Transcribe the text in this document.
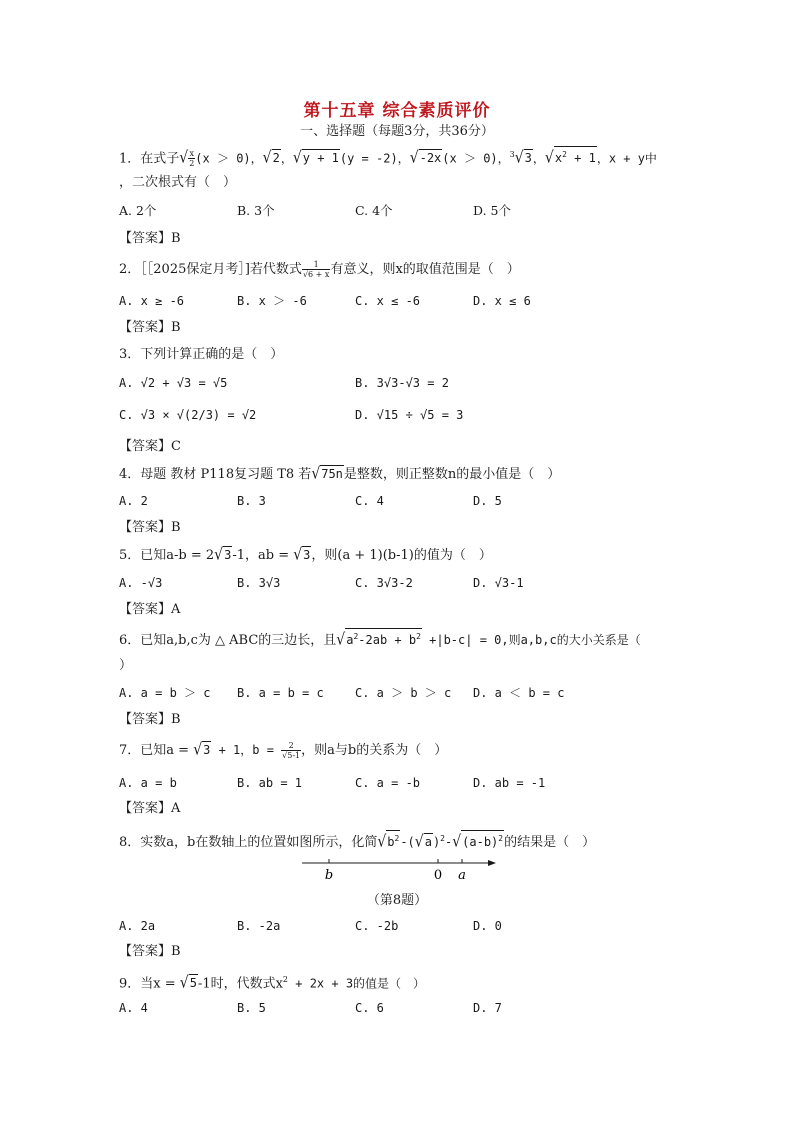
第十五章 综合素质评价
一、选择题（每题3分，共36分）
1．在式子√ $\frac{x}{2} (x > 0)$，√2，√y + 1(y = -2)，√-2x(x ＞ 0)，$^3$√3，$√x^2 + 1$，x + y中
，二次根式有（　）
A. 2个	B. 3个	C. 4个	D. 5个
【答案】B
2．［［2025保定月考］]若代数式 $\frac{1}{√6 + x}$ 有意义，则x的取值范围是（　）
A. x ≥ -6	B. x ＞ -6	C. x ≤ -6	D. x ≤ 6
【答案】B
3．下列计算正确的是（　）
A. √2 + √3 = √5	B. 3√3-√3 = 2
C. √3 × √(2/3) = √2	D. √15 ÷ √5 = 3
【答案】C
4．母题 教材 P118复习题 T8 若√75n是整数，则正整数n的最小值是（　）
A. 2	B. 3	C. 4	D. 5
【答案】B
5．已知a-b = 2√3-1，ab = √3，则(a + 1)(b-1)的值为（　）
A. -√3	B. 3√3	C. 3√3-2	D. √3-1
【答案】A
6．已知a,b,c为 △ ABC的三边长，且$√a^2-2ab + b^2 +|b-c| = 0$,则a,b,c的大小关系是（
）
A. a = b ＞ c B. a = b = c	C. a ＞ b ＞ c D. a ＜ b = c
【答案】B
7．已知a = √3 + 1，$b = \frac{2}{√5-1}$ ，则a与b的关系为（　）
A. a = b	B. ab = 1	C. a = -b	D. ab = -1
【答案】A
8．实数a，b在数轴上的位置如图所示，化简$√b^2-(√a)^2-√(a-b)^2$的结果是（　）
b	0 a
（第8题）
A. 2a	B. -2a	C. -2b	D. 0
【答案】B
9．当x = √5-1时，代数式$x^2 + 2x + 3$的值是（　）
A. 4	B. 5	C. 6	D. 7
